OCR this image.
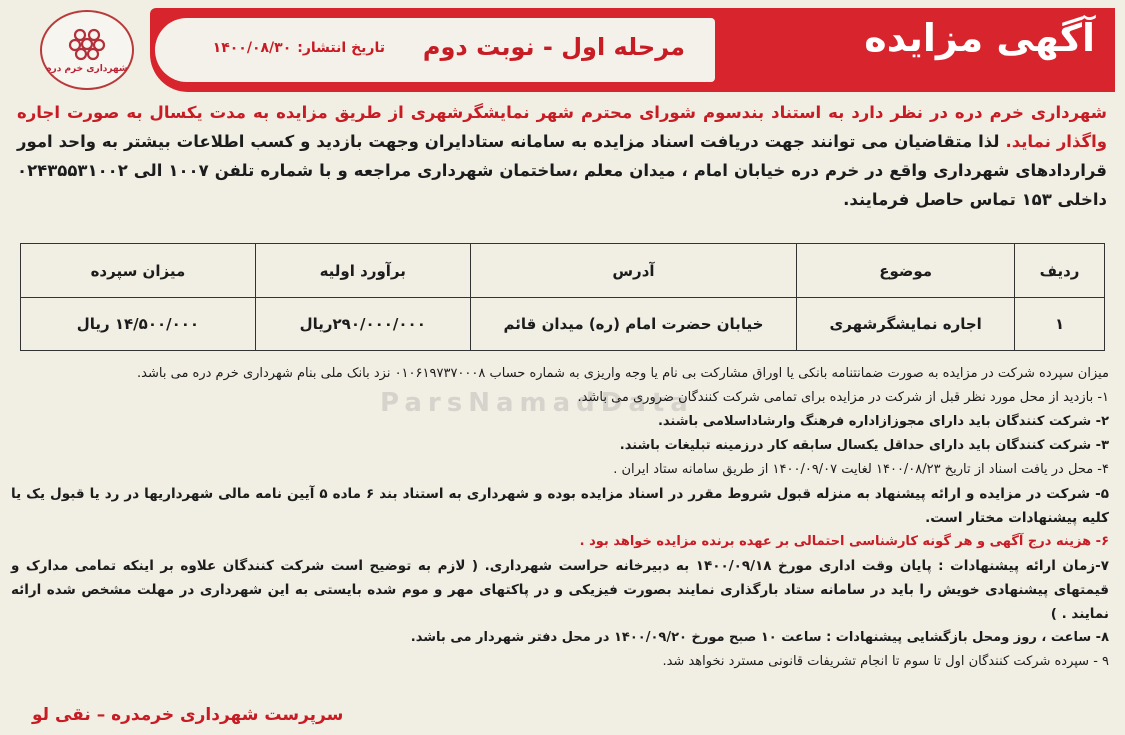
آگهی مزایده
مرحله اول - نوبت دوم
تاریخ انتشار:
۱۴۰۰/۰۸/۳۰
شهرداری خرم دره
شهرداری خرم دره در نظر دارد به استناد بندسوم شورای محترم شهر نمایشگرشهری از طریق مزایده به مدت یکسال به صورت اجاره واگذار نماید. لذا متقاضیان می توانند جهت دریافت اسناد مزایده به سامانه ستادایران وجهت بازدید و کسب اطلاعات بیشتر به واحد امور قراردادهای شهرداری واقع در خرم دره خیابان امام ، میدان معلم ،ساختمان شهرداری مراجعه و با شماره تلفن ۱۰۰۷ الی ۰۲۴۳۵۵۳۱۰۰۲ داخلی ۱۵۳ تماس حاصل فرمایند.
ردیف	موضوع	آدرس	برآورد اولیه	میزان سپرده
۱	اجاره نمایشگرشهری	خیابان حضرت امام (ره) میدان قائم	۲۹۰/۰۰۰/۰۰۰ریال	۱۴/۵۰۰/۰۰۰ ریال
ParsNamadData
میزان سپرده شرکت در مزایده به صورت ضمانتنامه بانکی یا اوراق مشارکت بی نام یا وجه واریزی به شماره حساب ۰۱۰۶۱۹۷۳۷۰۰۰۸ نزد بانک ملی بنام شهرداری خرم دره می باشد.
۱- بازدید از محل مورد نظر قبل از شرکت در مزایده برای تمامی شرکت کنندگان ضروری می باشد.
۲- شرکت کنندگان باید دارای مجوزازاداره فرهنگ وارشاداسلامی باشند.
۳- شرکت کنندگان باید دارای حداقل یکسال سابقه کار درزمینه تبلیغات باشند.
۴- محل در یافت اسناد از تاریخ ۱۴۰۰/۰۸/۲۳ لغایت ۱۴۰۰/۰۹/۰۷ از طریق سامانه ستاد ایران .
۵- شرکت در مزایده و ارائه پیشنهاد به منزله قبول شروط مقرر در اسناد مزایده بوده و شهرداری به استناد بند ۶ ماده ۵ آیین نامه مالی شهرداریها در رد یا قبول یک یا کلیه پیشنهادات مختار است.
۶- هزینه درج آگهی و هر گونه کارشناسی احتمالی بر عهده برنده مزایده خواهد بود .
۷-زمان ارائه پیشنهادات : پایان وقت اداری مورخ ۱۴۰۰/۰۹/۱۸ به دبیرخانه حراست شهرداری. ( لازم به توضیح است شرکت کنندگان علاوه بر اینکه تمامی مدارک و قیمتهای پیشنهادی خویش را باید در سامانه ستاد بارگذاری نمایند بصورت فیزیکی و در پاکتهای مهر و موم شده بایستی به این شهرداری در مهلت مشخص شده ارائه نمایند . )
۸- ساعت ، روز ومحل بازگشایی پیشنهادات : ساعت ۱۰ صبح مورخ ۱۴۰۰/۰۹/۲۰ در محل دفتر شهردار می باشد.
۹ - سپرده شرکت کنندگان اول تا سوم تا انجام تشریفات قانونی مسترد نخواهد شد.
سرپرست شهرداری خرمدره – نقی لو
